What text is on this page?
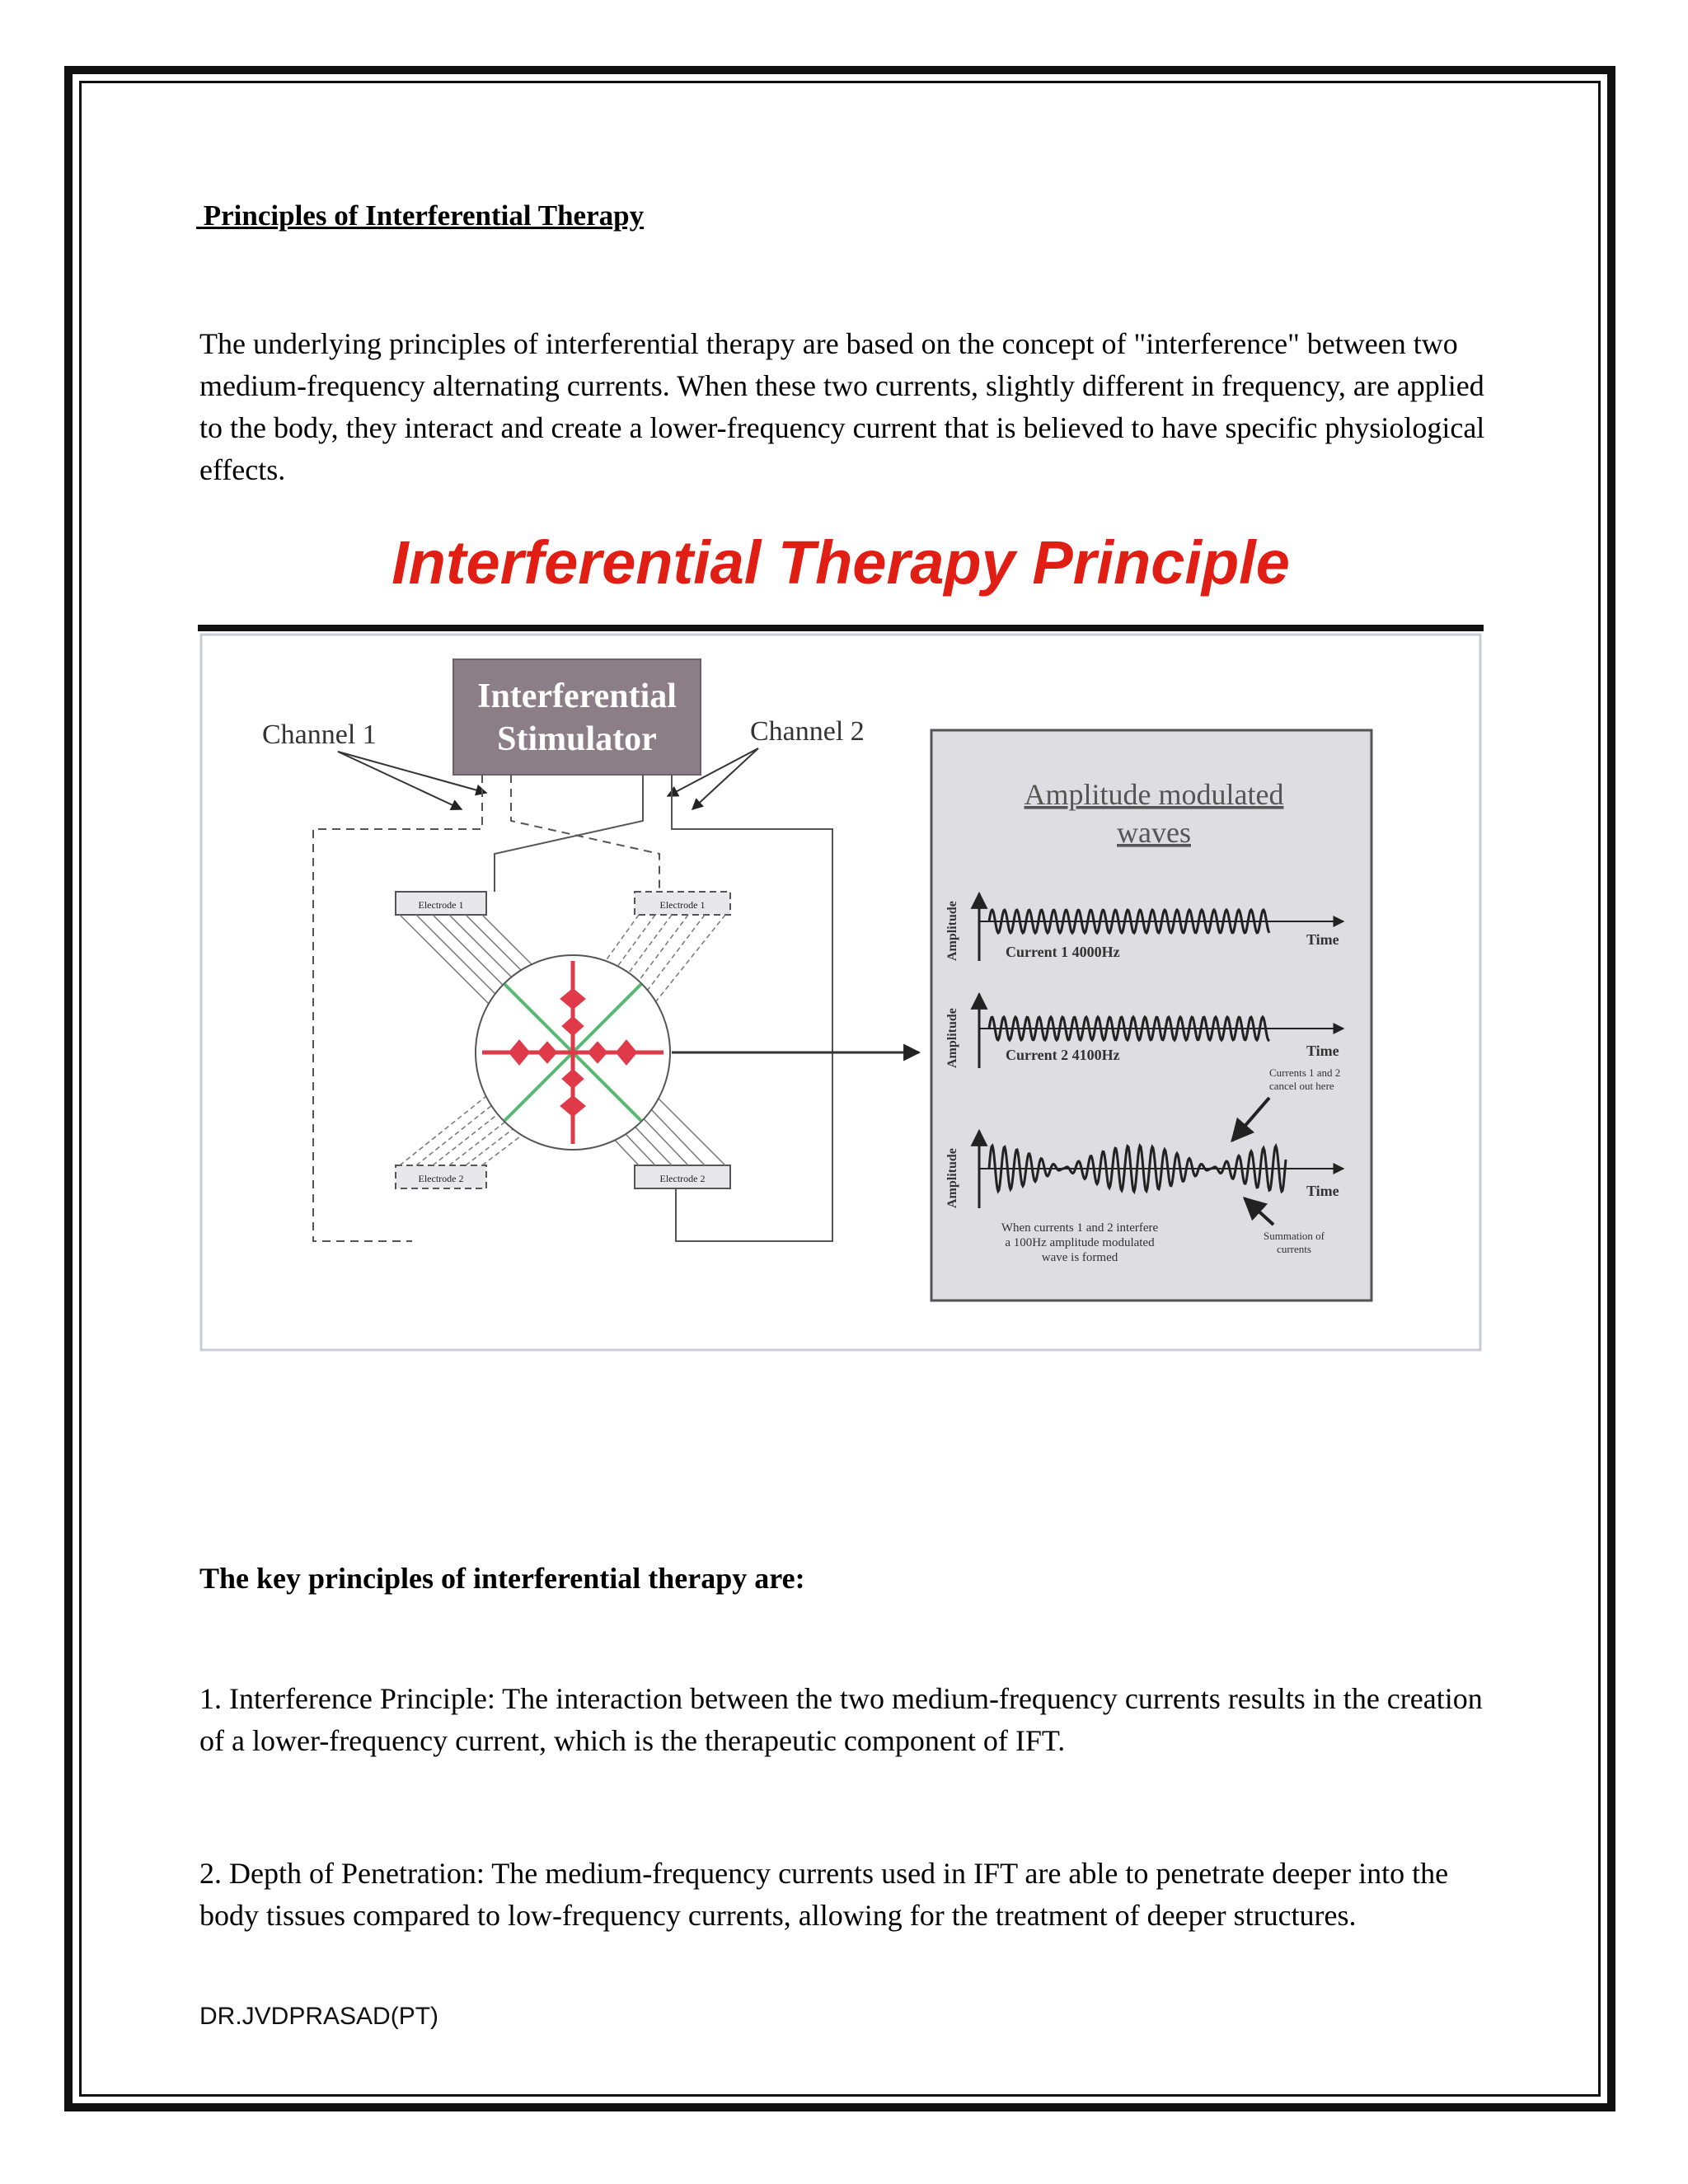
Principles of Interferential Therapy
The underlying principles of interferential therapy are based on the concept of "interference" between two medium-frequency alternating currents. When these two currents, slightly different in frequency, are applied to the body, they interact and create a lower-frequency current that is believed to have specific physiological effects.
Interferential Therapy Principle
Interferential
Stimulator
Channel 1	Channel 2
Electrode 1	Electrode 1
Electrode 2	Electrode 2
Amplitude modulated
waves
Amplitude	Current 1 4000Hz
Time
Amplitude	Current 2 4100Hz	Time
Currents 1 and 2
cancel out here
Amplitude	Time
When currents 1 and 2 interfere
a 100Hz amplitude modulated
wave is formed
Summation of
currents
The key principles of interferential therapy are:
1. Interference Principle: The interaction between the two medium-frequency currents results in the creation of a lower-frequency current, which is the therapeutic component of IFT.
2. Depth of Penetration: The medium-frequency currents used in IFT are able to penetrate deeper into the body tissues compared to low-frequency currents, allowing for the treatment of deeper structures.
DR.JVDPRASAD(PT)
